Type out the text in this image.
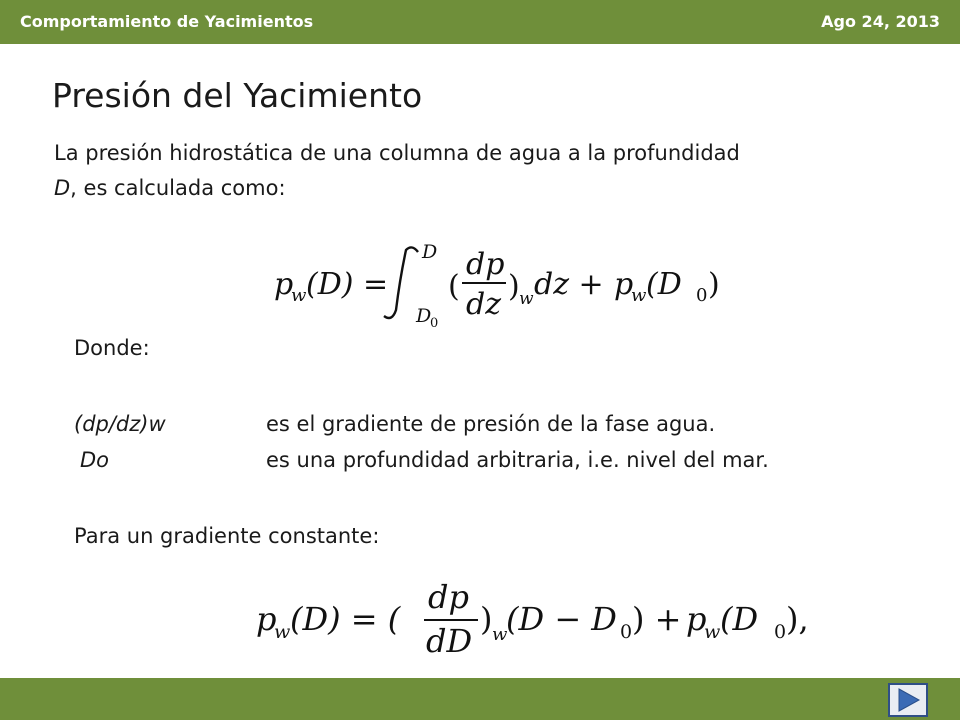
Comportamiento de Yacimientos	Ago 24, 2013
Presión del Yacimiento
La presión hidrostática de una columna de agua a la profundidad
D, es calculada como:
p
w (D) =
D
D
0
(
dp
dz
) w dz + p
w (D 0 )
Donde:
(dp/dz)w	es el gradiente de presión de la fase agua.
Do	es una profundidad arbitraria, i.e. nivel del mar.
Para un gradiente constante:
p
w (D) = (
dp
dD
) w
(D − D 0 ) + p
w (D 0 ),
